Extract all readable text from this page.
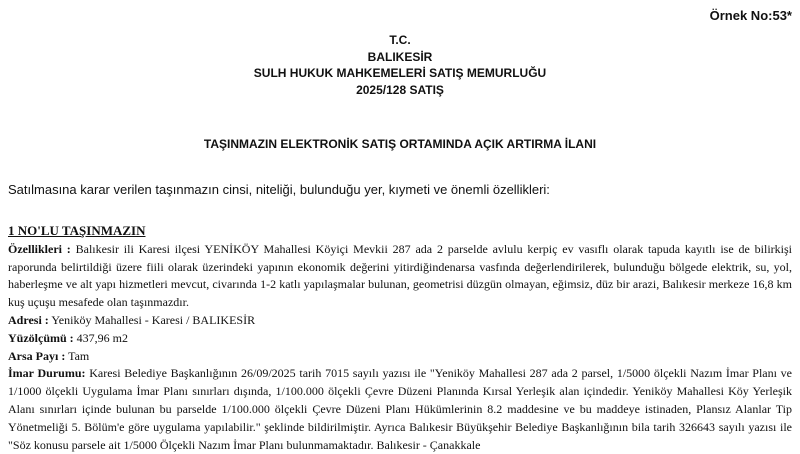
Örnek No:53*
T.C.
BALIKESİR
SULH HUKUK MAHKEMELERİ SATIŞ MEMURLUĞU
2025/128 SATIŞ
TAŞINMAZIN ELEKTRONİK SATIŞ ORTAMINDA AÇIK ARTIRMA İLANI
Satılmasına karar verilen taşınmazın cinsi, niteliği, bulunduğu yer, kıymeti ve önemli özellikleri:

1 NO'LU TAŞINMAZIN

Özellikleri : Balıkesir ili Karesi ilçesi YENİKÖY Mahallesi Köyiçi Mevkii 287 ada 2 parselde avlulu kerpiç ev vasıflı olarak tapuda kayıtlı ise de bilirkişi raporunda belirtildiği üzere fiili olarak üzerindeki yapının ekonomik değerini yitirdiğindenarsa vasfında değerlendirilerek, bulunduğu bölgede elektrik, su, yol, haberleşme ve alt yapı hizmetleri mevcut, civarında 1-2 katlı yapılaşmalar bulunan, geometrisi düzgün olmayan, eğimsiz, düz bir arazi, Balıkesir merkeze 16,8 km kuş uçuşu mesafede olan taşınmazdır.

Adresi : Yeniköy Mahallesi - Karesi / BALIKESİR

Yüzölçümü : 437,96 m2

Arsa Payı : Tam

İmar Durumu: Karesi Belediye Başkanlığının 26/09/2025 tarih 7015 sayılı yazısı ile "Yeniköy Mahallesi 287 ada 2 parsel, 1/5000 ölçekli Nazım İmar Planı ve 1/1000 ölçekli Uygulama İmar Planı sınırları dışında, 1/100.000 ölçekli Çevre Düzeni Planında Kırsal Yerleşik alan içindedir. Yeniköy Mahallesi Köy Yerleşik Alanı sınırları içinde bulunan bu parselde 1/100.000 ölçekli Çevre Düzeni Planı Hükümlerinin 8.2 maddesine ve bu maddeye istinaden, Plansız Alanlar Tip Yönetmeliği 5. Bölüm'e göre uygulama yapılabilir." şeklinde bildirilmiştir. Ayrıca Balıkesir Büyükşehir Belediye Başkanlığının bila tarih 326643 sayılı yazısı ile "Söz konusu parsele ait 1/5000 Ölçekli Nazım İmar Planı bulunmamaktadır. Balıkesir - Çanakkale
